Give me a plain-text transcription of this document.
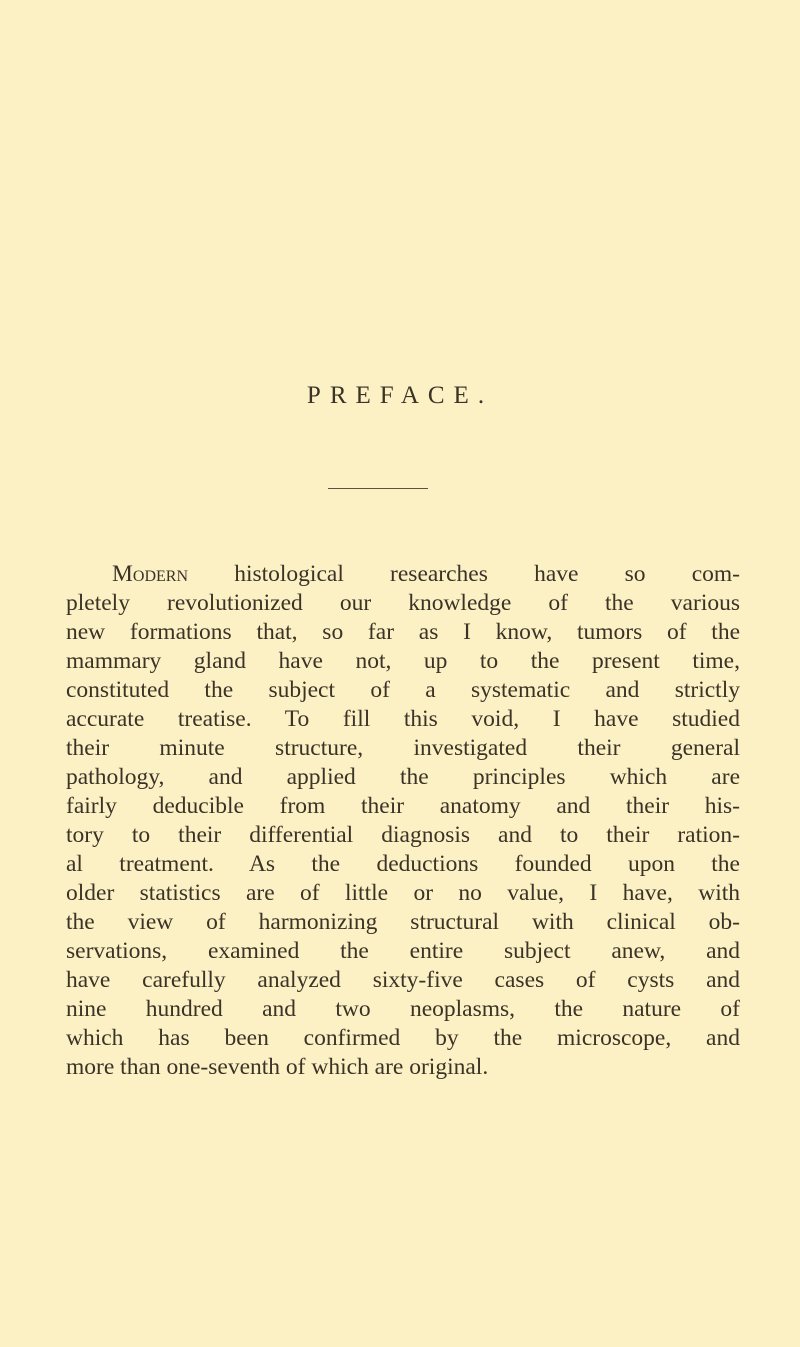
PREFACE.
Modern histological researches have so com-
pletely revolutionized our knowledge of the various
new formations that, so far as I know, tumors of the
mammary gland have not, up to the present time,
constituted the subject of a systematic and strictly
accurate treatise. To fill this void, I have studied
their minute structure, investigated their general
pathology, and applied the principles which are
fairly deducible from their anatomy and their his-
tory to their differential diagnosis and to their ration-
al treatment. As the deductions founded upon the
older statistics are of little or no value, I have, with
the view of harmonizing structural with clinical ob-
servations, examined the entire subject anew, and
have carefully analyzed sixty-five cases of cysts and
nine hundred and two neoplasms, the nature of
which has been confirmed by the microscope, and
more than one-seventh of which are original.
